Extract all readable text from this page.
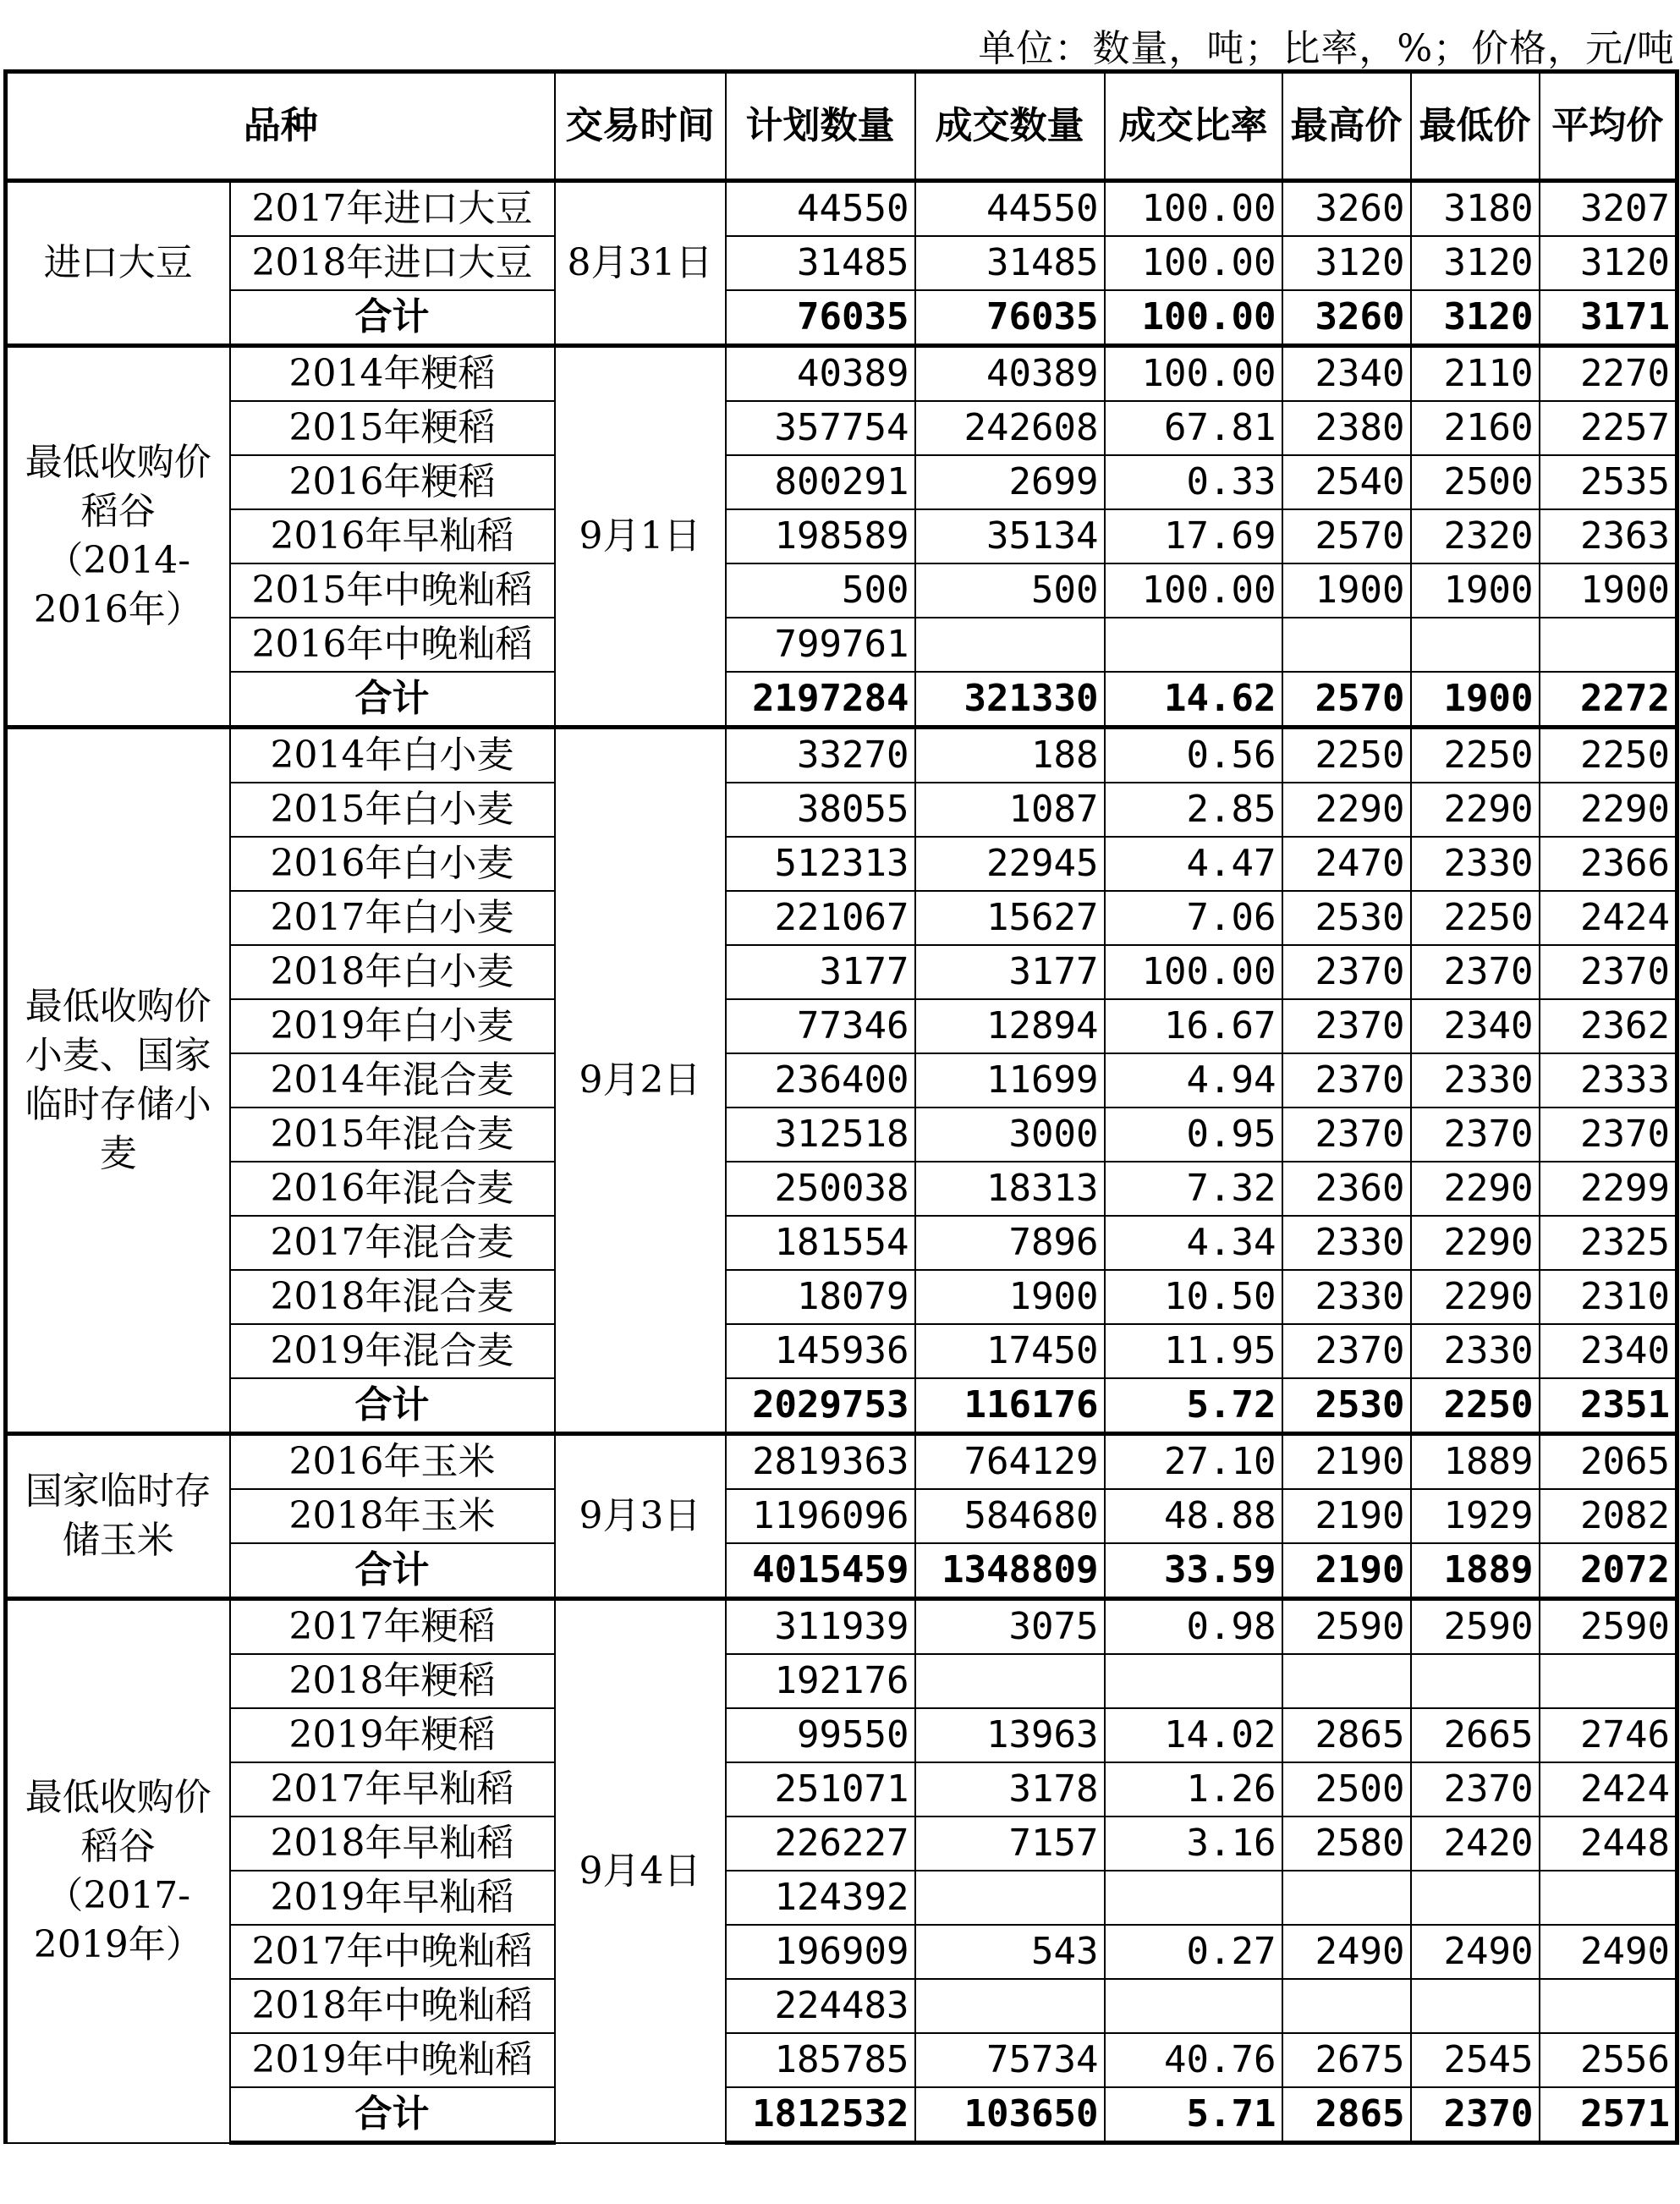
单位：数量，吨；比率，%；价格，元/吨
品种		交易时间	计划数量	成交数量	成交比率	最高价	最低价	平均价
进口大豆	2017年进口大豆	8月31日	44550	44550	100.00	3260	3180	3207
	2018年进口大豆		31485	31485	100.00	3120	3120	3120
	合计		76035	76035	100.00	3260	3120	3171
最低收购价稻谷（2014-2016年）	2014年粳稻	9月1日	40389	40389	100.00	2340	2110	2270
	2015年粳稻		357754	242608	67.81	2380	2160	2257
	2016年粳稻		800291	2699	0.33	2540	2500	2535
	2016年早籼稻		198589	35134	17.69	2570	2320	2363
	2015年中晚籼稻		500	500	100.00	1900	1900	1900
	2016年中晚籼稻		799761					
	合计		2197284	321330	14.62	2570	1900	2272
最低收购价小麦、国家临时存储小麦	2014年白小麦	9月2日	33270	188	0.56	2250	2250	2250
	2015年白小麦		38055	1087	2.85	2290	2290	2290
	2016年白小麦		512313	22945	4.47	2470	2330	2366
	2017年白小麦		221067	15627	7.06	2530	2250	2424
	2018年白小麦		3177	3177	100.00	2370	2370	2370
	2019年白小麦		77346	12894	16.67	2370	2340	2362
	2014年混合麦		236400	11699	4.94	2370	2330	2333
	2015年混合麦		312518	3000	0.95	2370	2370	2370
	2016年混合麦		250038	18313	7.32	2360	2290	2299
	2017年混合麦		181554	7896	4.34	2330	2290	2325
	2018年混合麦		18079	1900	10.50	2330	2290	2310
	2019年混合麦		145936	17450	11.95	2370	2330	2340
	合计		2029753	116176	5.72	2530	2250	2351
国家临时存储玉米	2016年玉米	9月3日	2819363	764129	27.10	2190	1889	2065
	2018年玉米		1196096	584680	48.88	2190	1929	2082
	合计		4015459	1348809	33.59	2190	1889	2072
最低收购价稻谷（2017-2019年）	2017年粳稻	9月4日	311939	3075	0.98	2590	2590	2590
	2018年粳稻		192176					
	2019年粳稻		99550	13963	14.02	2865	2665	2746
	2017年早籼稻		251071	3178	1.26	2500	2370	2424
	2018年早籼稻		226227	7157	3.16	2580	2420	2448
	2019年早籼稻		124392					
	2017年中晚籼稻		196909	543	0.27	2490	2490	2490
	2018年中晚籼稻		224483					
	2019年中晚籼稻		185785	75734	40.76	2675	2545	2556
	合计		1812532	103650	5.71	2865	2370	2571
